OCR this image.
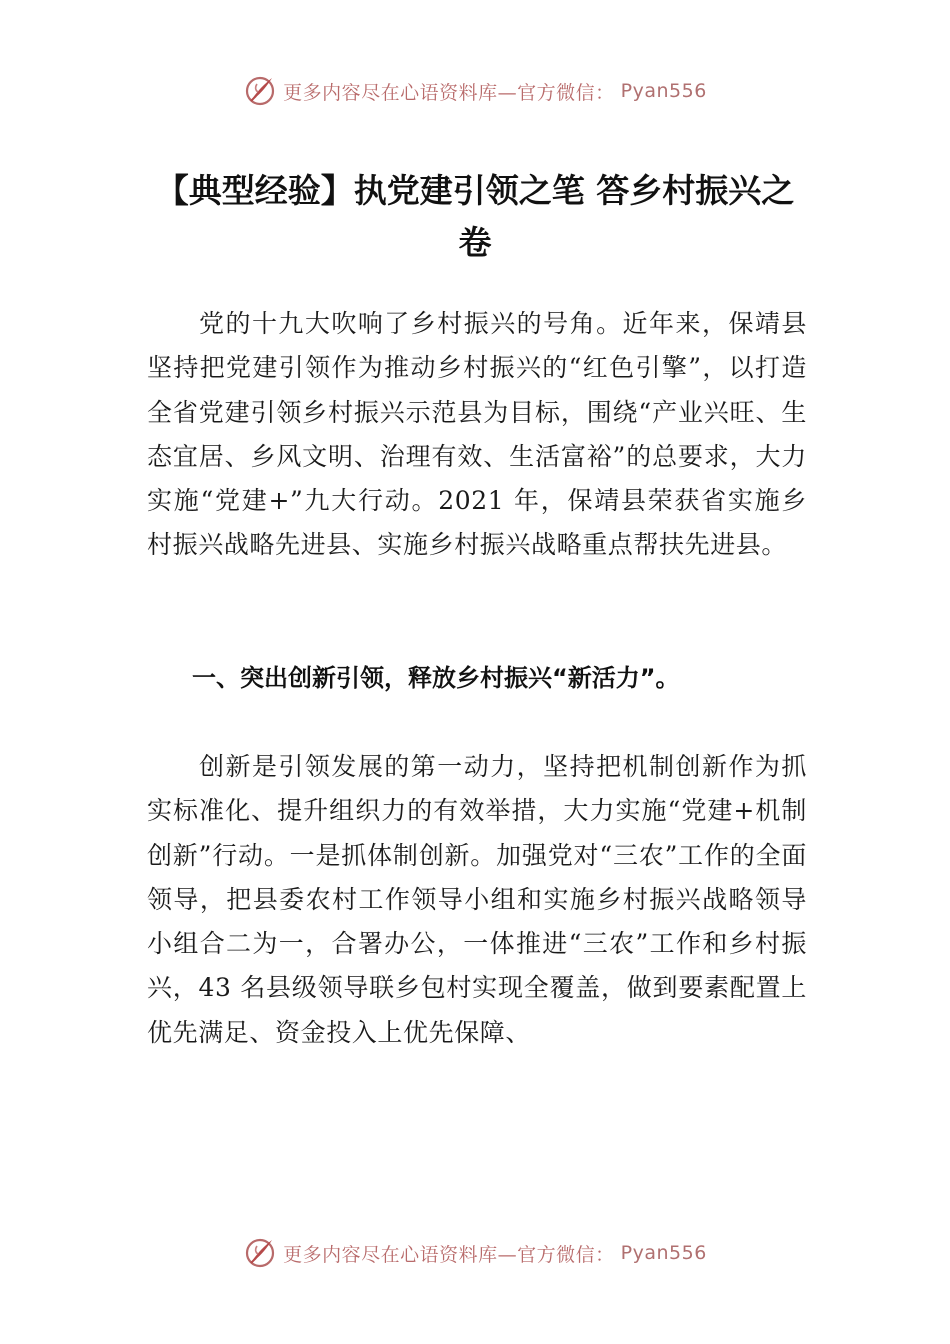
更多内容尽在心语资料库—官方微信： Pyan556
【典型经验】执党建引领之笔 答乡村振兴之卷

党的十九大吹响了乡村振兴的号角。近年来，保靖县坚持把党建引领作为推动乡村振兴的“红色引擎”，以打造全省党建引领乡村振兴示范县为目标，围绕“产业兴旺、生态宜居、乡风文明、治理有效、生活富裕”的总要求，大力实施“党建+”九大行动。2021 年，保靖县荣获省实施乡村振兴战略先进县、实施乡村振兴战略重点帮扶先进县。

一、突出创新引领，释放乡村振兴“新活力”。

创新是引领发展的第一动力，坚持把机制创新作为抓实标准化、提升组织力的有效举措，大力实施“党建+机制创新”行动。一是抓体制创新。加强党对“三农”工作的全面领导，把县委农村工作领导小组和实施乡村振兴战略领导小组合二为一，合署办公，一体推进“三农”工作和乡村振兴，43 名县级领导联乡包村实现全覆盖，做到要素配置上优先满足、资金投入上优先保障、

更多内容尽在心语资料库—官方微信： Pyan556
